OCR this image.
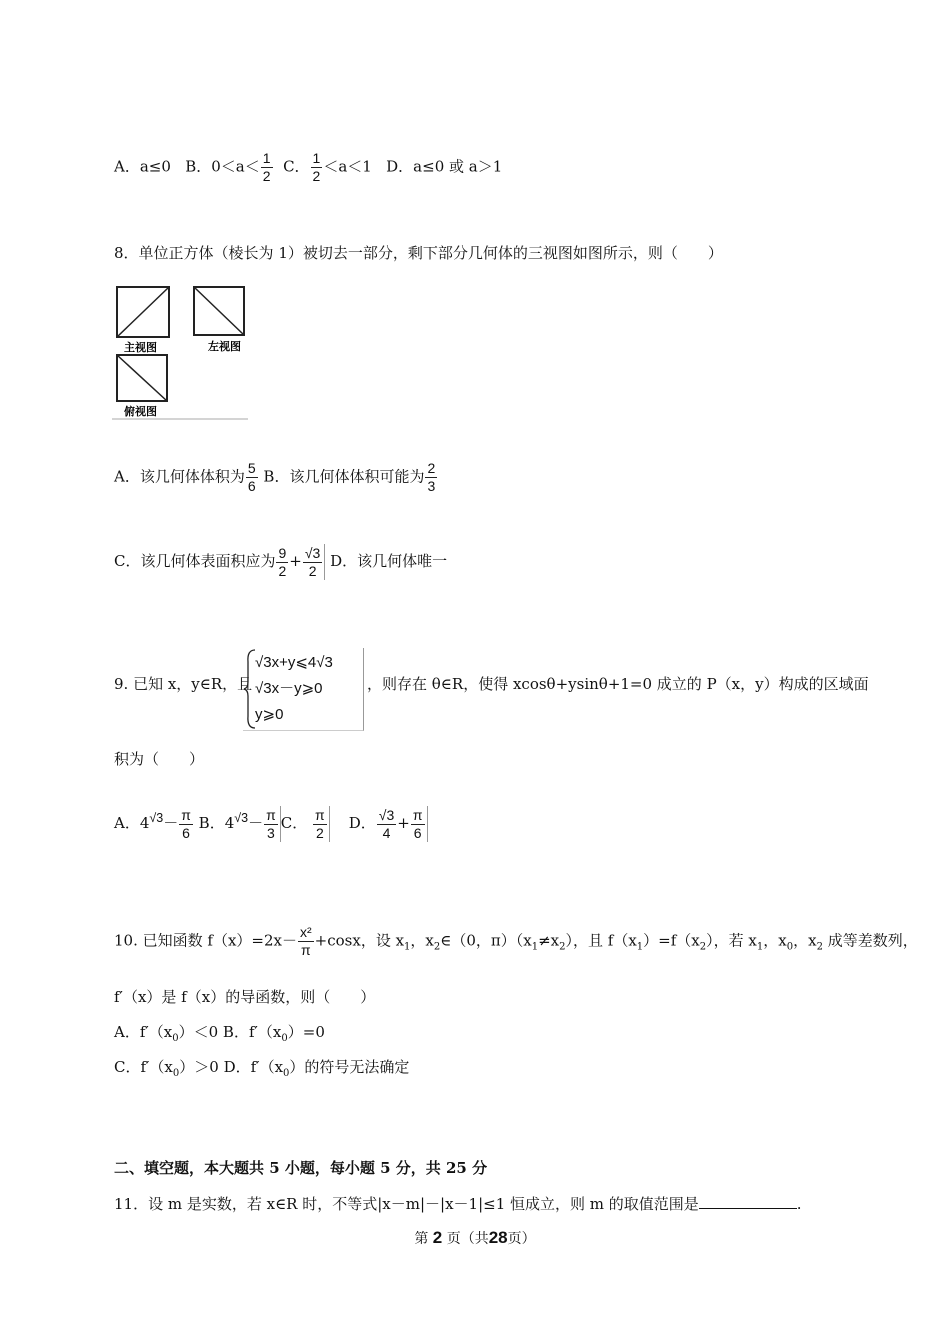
A．a≤0 B．$0<a< \frac{1}{2}$ C． $\frac{1}{2} <a<1$ D．a≤0 或 a＞1
8．单位正方体（棱长为 1）被切去一部分，剩下部分几何体的三视图如图所示，则（　　）
主视图	左视图
俯视图
A．该几何体体积为 $\frac{5}{6}$ B．该几何体体积可能为 $\frac{2}{3}$
C．该几何体表面积应为 $\frac{9}{2} + \frac{√3}{2}$ D．该几何体唯一
9. 已知 x，y∈R，且
√3x+y⩽4√3
√3x－y⩾0
y⩾0
，则存在 θ∈R，使得 xcosθ+ysinθ+1=0 成立的 P（x，y）构成的区域面
积为（　　）
A．$4^{√3}- \frac{\pi}{6}$ B．$4^{√3}- \frac{\pi}{3}$ C． $\frac{\pi}{2}$ D． $\frac{√3}{4} + \frac{\pi}{6}$
10. 已知函数 $f(x)=2x- \frac{\text{x²}}{\pi} +\cos x$，设 $x_1$，$x_2\in(0$，$\pi)(x_1\ne x_2)$，且 $f(x_1)=f(x_2)$，若 $x_1$，$x_0$，$x_2$ 成等差数列，
f′（x）是 f（x）的导函数，则（　　）
A．$f'(x_0)<0$ B．$f'(x_0)=0$
C．$f'(x_0)>0$ D．$f'(x_0)$的符号无法确定
二、填空题，本大题共 5 小题，每小题 5 分，共 25 分
11．设 m 是实数，若 x∈R 时，不等式|x－m|－|x－1|≤1 恒成立，则 m 的取值范围是	.
第 2 页（共28页）
